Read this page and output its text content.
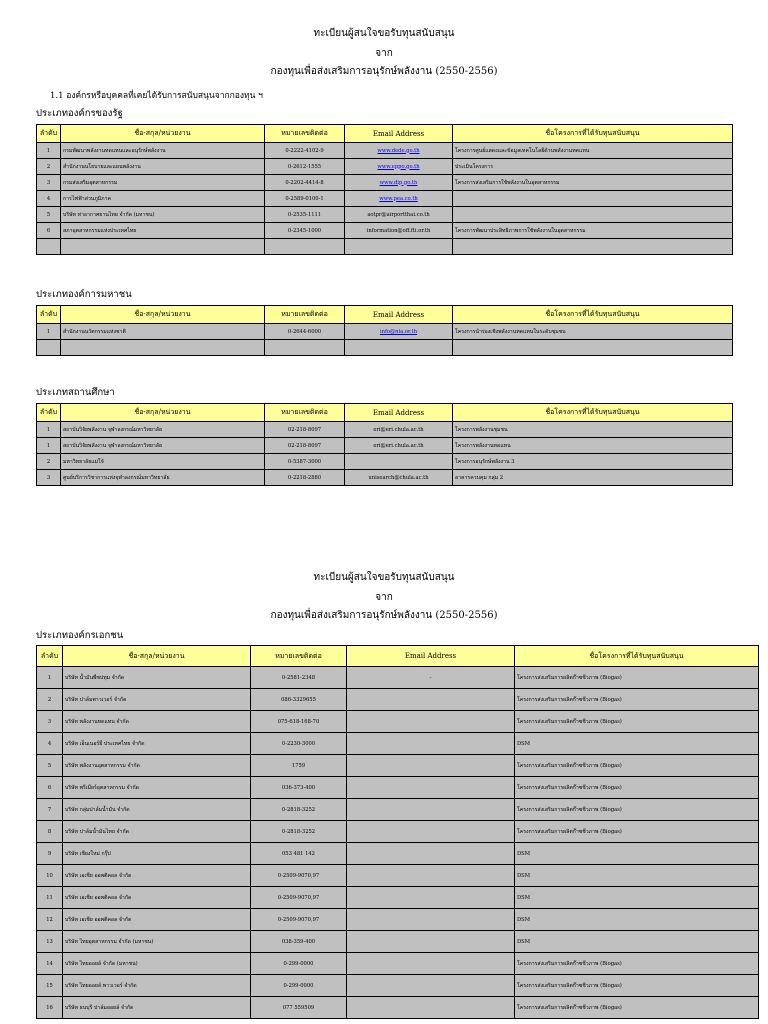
ทะเบียนผู้สนใจขอรับทุนสนับสนุน
จาก
กองทุนเพื่อส่งเสริมการอนุรักษ์พลังงาน (2550-2556)
1.1 องค์กรหรือบุคคลที่เคยได้รับการสนับสนุนจากกองทุน ฯ
ประเภทองค์กรของรัฐ
ลำดับ	ชื่อ-สกุล/หน่วยงาน	หมายเลขติดต่อ	Email Address	ชื่อโครงการที่ได้รับทุนสนับสนุน
1	กรมพัฒนาพลังงานทดแทนและอนุรักษ์พลังงาน	0-2222-4102-9	www.dede.go.th	โครงการศูนย์แสดงและข้อมูลเทคโนโลยีด้านพลังงานทดแทน
2	สำนักงานนโยบายและแผนพลังงาน	0-2612-1555	www.eppo.go.th	ประเมินโครงการ
3	กรมส่งเสริมอุตสาหกรรม	0-2202-4414-8	www.dip.go.th	โครงการส่งเสริมการใช้พลังงานในอุตสาหกรรม
4	การไฟฟ้าส่วนภูมิภาค	0-2589-0100-1	www.pea.co.th	
5	บริษัท ท่าอากาศยานไทย จำกัด (มหาชน)	0-2535-1111	aotpr@airportthai.co.th	
6	สภาอุตสาหกรรมแห่งประเทศไทย	0-2345-1000	information@off.fti.or.th	โครงการพัฒนาประสิทธิภาพการใช้พลังงานในอุตสาหกรรม

ประเภทองค์การมหาชน
ลำดับ	ชื่อ-สกุล/หน่วยงาน	หมายเลขติดต่อ	Email Address	ชื่อโครงการที่ได้รับทุนสนับสนุน
1	สำนักงานนวัตกรรมแห่งชาติ	0-2644-6000	info@nia.or.th	โครงการนำร่องเชิงพลังงานทดแทนในระดับชุมชน

ประเภทสถานศึกษา
ลำดับ	ชื่อ-สกุล/หน่วยงาน	หมายเลขติดต่อ	Email Address	ชื่อโครงการที่ได้รับทุนสนับสนุน
1	สถาบันวิจัยพลังงาน จุฬาลงกรณ์มหาวิทยาลัย	02-218-8097	eri@eri.chula.ac.th	โครงการพลังงานชุมชน
1	สถาบันวิจัยพลังงาน จุฬาลงกรณ์มหาวิทยาลัย	02-218-8097	eri@eri.chula.ac.th	โครงการพลังงานทดแทน
2	มหาวิทยาลัยแม่โจ้	0-5387-3000		โครงการอนุรักษ์พลังงาน 3
3	ศูนย์บริการวิชาการแห่งจุฬาลงกรณ์มหาวิทยาลัย	0-2218-2880	unisearch@chula.ac.th	อาคารควบคุม กลุ่ม 2
ทะเบียนผู้สนใจขอรับทุนสนับสนุน
จาก
กองทุนเพื่อส่งเสริมการอนุรักษ์พลังงาน (2550-2556)
ประเภทองค์กรเอกชน
ลำดับ	ชื่อ-สกุล/หน่วยงาน	หมายเลขติดต่อ	Email Address	ชื่อโครงการที่ได้รับทุนสนับสนุน
1	บริษัท น้ำมันพืชปทุม จำกัด	0-2581-2348	-	โครงการส่งเสริมการผลิตก๊าซชีวภาพ (Biogas)
2	บริษัท ปาล์มพาวเวอร์ จำกัด	086-3329655		โครงการส่งเสริมการผลิตก๊าซชีวภาพ (Biogas)
3	บริษัท พลังงานทดแทน จำกัด	075-618-168-70		โครงการส่งเสริมการผลิตก๊าซชีวภาพ (Biogas)
4	บริษัท เอ็นเนอร์ยี่ ประเทศไทย จำกัด	0-2230-3000		DSM
5	บริษัท พลังงานอุตสาหกรรม จำกัด	1759		โครงการส่งเสริมการผลิตก๊าซชีวภาพ (Biogas)
6	บริษัท พรีเมียร์อุตสาหกรรม จำกัด	036-373-400		โครงการส่งเสริมการผลิตก๊าซชีวภาพ (Biogas)
7	บริษัท กลุ่มปาล์มน้ำมัน จำกัด	0-2818-3252		โครงการส่งเสริมการผลิตก๊าซชีวภาพ (Biogas)
8	บริษัท ปาล์มน้ำมันไทย จำกัด	0-2818-3252		โครงการส่งเสริมการผลิตก๊าซชีวภาพ (Biogas)
9	บริษัท เชียงใหม่ กรุ๊ป	053 481 142		DSM
10	บริษัท เอเชีย ออพติคอล จำกัด	0-2509-9070,97		DSM
11	บริษัท เอเชีย ออพติคอล จำกัด	0-2509-9070,97		DSM
12	บริษัท เอเชีย ออพติคอล จำกัด	0-2509-9070,97		DSM
13	บริษัท ไทยอุตสาหกรรม จำกัด (มหาชน)	038-359-400		DSM
14	บริษัท ไทยออยล์ จำกัด (มหาชน)	0-299-0000		โครงการส่งเสริมการผลิตก๊าซชีวภาพ (Biogas)
15	บริษัท ไทยออยล์ พาวเวอร์ จำกัด	0-299-0000		โครงการส่งเสริมการผลิตก๊าซชีวภาพ (Biogas)
16	บริษัท ธนบุรี ปาล์มออยล์ จำกัด	077 559509		โครงการส่งเสริมการผลิตก๊าซชีวภาพ (Biogas)
